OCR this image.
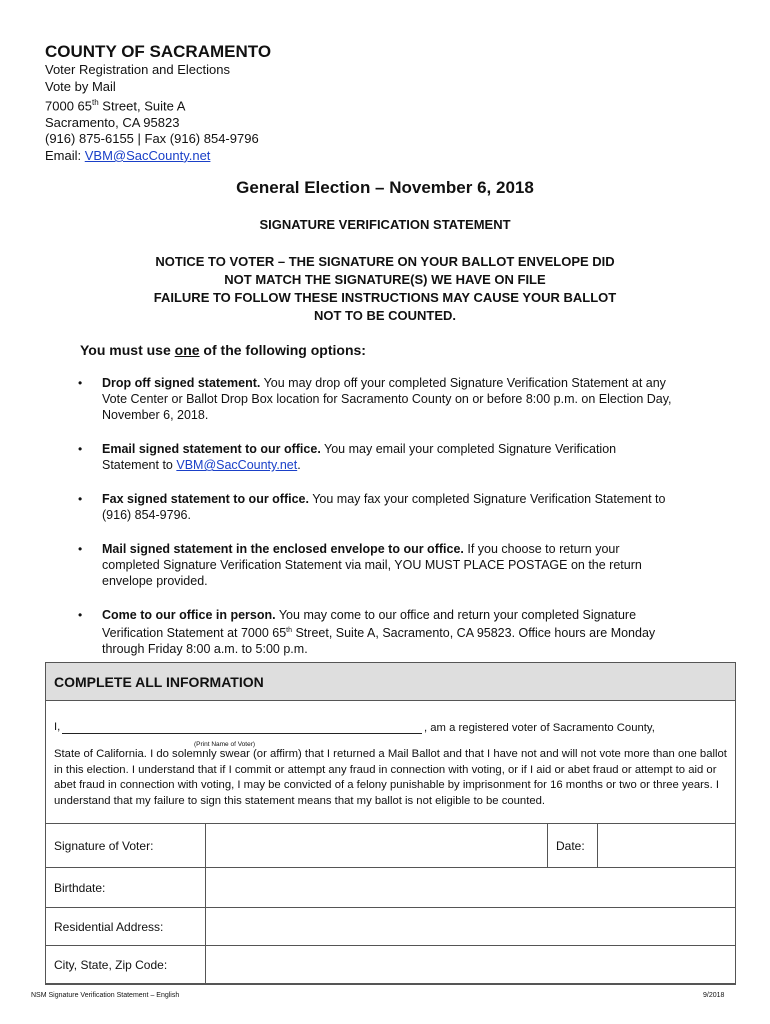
COUNTY OF SACRAMENTO
Voter Registration and Elections
Vote by Mail
7000 65th Street, Suite A
Sacramento, CA 95823
(916) 875-6155 | Fax (916) 854-9796
Email: VBM@SacCounty.net
General Election – November 6, 2018
SIGNATURE VERIFICATION STATEMENT
NOTICE TO VOTER – THE SIGNATURE ON YOUR BALLOT ENVELOPE DID
NOT MATCH THE SIGNATURE(S) WE HAVE ON FILE
FAILURE TO FOLLOW THESE INSTRUCTIONS MAY CAUSE YOUR BALLOT
NOT TO BE COUNTED.
You must use one of the following options:
• Drop off signed statement. You may drop off your completed Signature Verification Statement at any Vote Center or Ballot Drop Box location for Sacramento County on or before 8:00 p.m. on Election Day, November 6, 2018.
• Email signed statement to our office. You may email your completed Signature Verification Statement to VBM@SacCounty.net.
• Fax signed statement to our office. You may fax your completed Signature Verification Statement to (916) 854-9796.
• Mail signed statement in the enclosed envelope to our office. If you choose to return your completed Signature Verification Statement via mail, YOU MUST PLACE POSTAGE on the return envelope provided.
• Come to our office in person. You may come to our office and return your completed Signature Verification Statement at 7000 65th Street, Suite A, Sacramento, CA 95823. Office hours are Monday through Friday 8:00 a.m. to 5:00 p.m.
COMPLETE ALL INFORMATION
I,
(Print Name of Voter)
, am a registered voter of Sacramento County,
State of California. I do solemnly swear (or affirm) that I returned a Mail Ballot and that I have not and will not vote more than one ballot in this election. I understand that if I commit or attempt any fraud in connection with voting, or if I aid or abet fraud or attempt to aid or abet fraud in connection with voting, I may be convicted of a felony punishable by imprisonment for 16 months or two or three years. I understand that my failure to sign this statement means that my ballot is not eligible to be counted.
Signature of Voter:		Date:	
Birthdate:			
Residential Address:			
City, State, Zip Code:			
NSM Signature Verification Statement – English	9/2018
